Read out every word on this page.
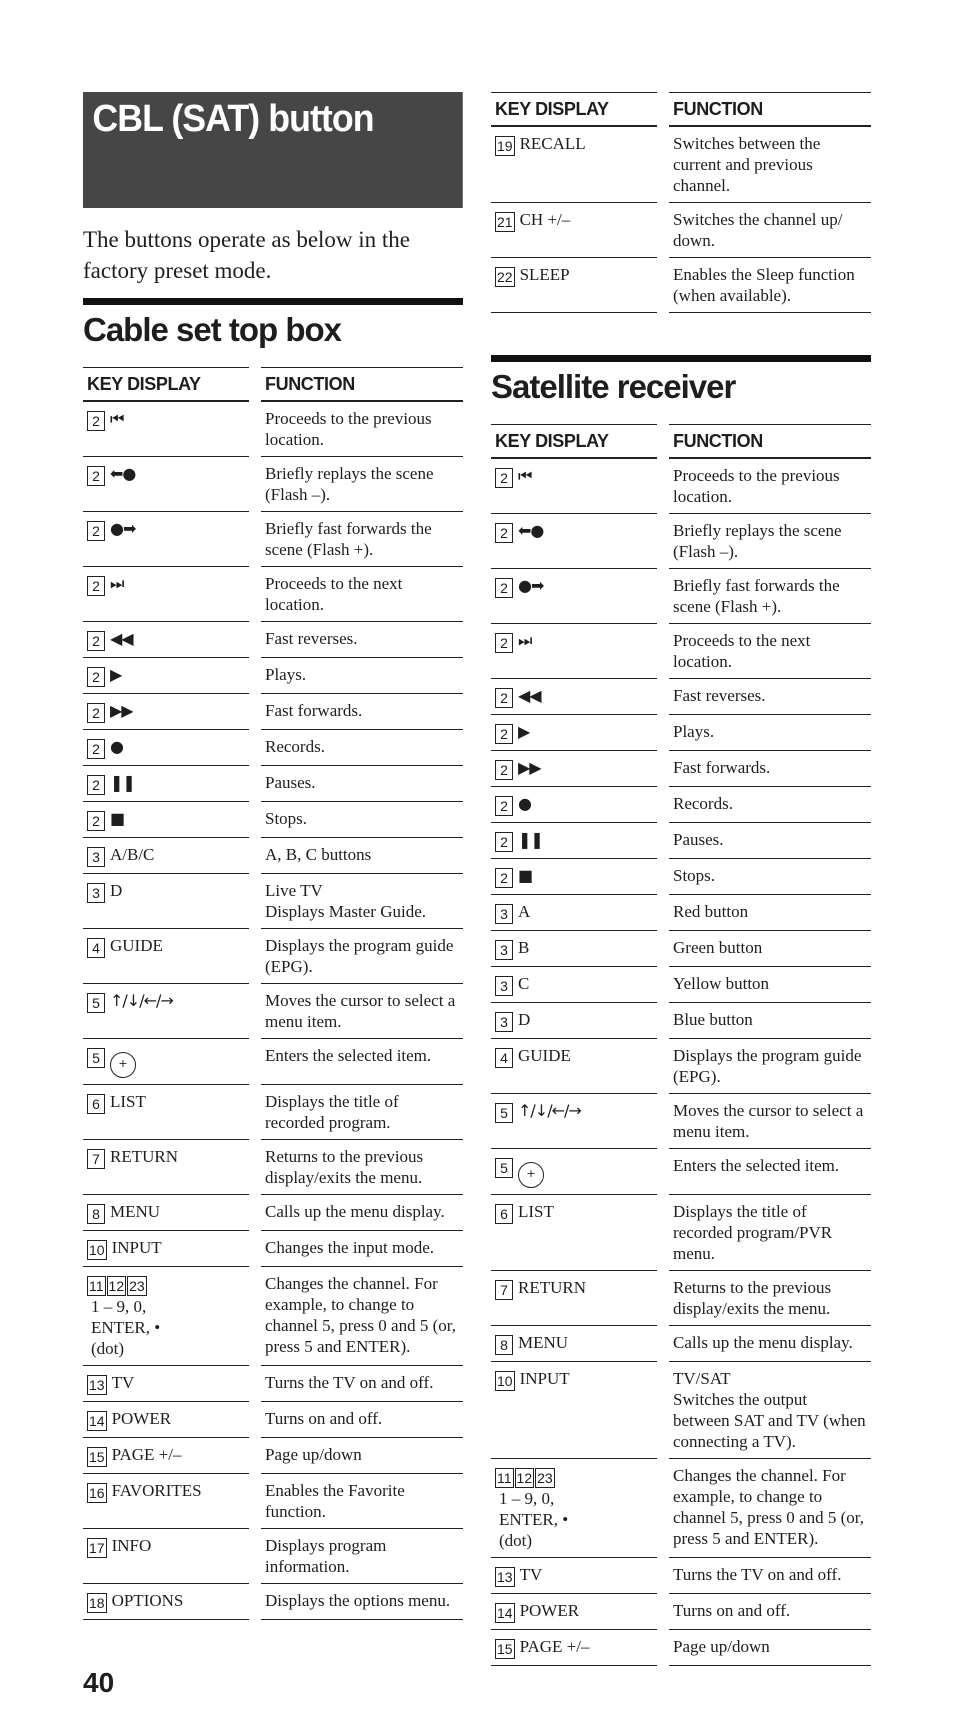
CBL (SAT) button
The buttons operate as below in the factory preset mode.
Cable set top box
KEY DISPLAY		FUNCTION
2 ⏮		Proceeds to the previous location.
2 ⬅●		Briefly replays the scene (Flash –).
2 ●➡		Briefly fast forwards the scene (Flash +).
2 ⏭		Proceeds to the next location.
2 ◀◀		Fast reverses.
2 ▶		Plays.
2 ▶▶		Fast forwards.
2 ●		Records.
2 ❚❚		Pauses.
2 ■		Stops.
3 A/B/C		A, B, C buttons
3 D		Live TV
Displays Master Guide.
4 GUIDE		Displays the program guide (EPG).
5 ↑/↓/←/→		Moves the cursor to select a menu item.
5 +		Enters the selected item.
6 LIST		Displays the title of recorded program.
7 RETURN		Returns to the previous display/exits the menu.
8 MENU		Calls up the menu display.
10 INPUT		Changes the input mode.
11 12 231 – 9, 0, ENTER, • (dot)		Changes the channel. For example, to change to channel 5, press 0 and 5 (or, press 5 and ENTER).
13 TV		Turns the TV on and off.
14 POWER		Turns on and off.
15 PAGE +/–		Page up/down
16 FAVORITES		Enables the Favorite function.
17 INFO		Displays program information.
18 OPTIONS		Displays the options menu.
KEY DISPLAY		FUNCTION
19 RECALL		Switches between the current and previous channel.
21 CH +/–		Switches the channel up/ down.
22 SLEEP		Enables the Sleep function (when available).
Satellite receiver
KEY DISPLAY		FUNCTION
2 ⏮		Proceeds to the previous location.
2 ⬅●		Briefly replays the scene (Flash –).
2 ●➡		Briefly fast forwards the scene (Flash +).
2 ⏭		Proceeds to the next location.
2 ◀◀		Fast reverses.
2 ▶		Plays.
2 ▶▶		Fast forwards.
2 ●		Records.
2 ❚❚		Pauses.
2 ■		Stops.
3 A		Red button
3 B		Green button
3 C		Yellow button
3 D		Blue button
4 GUIDE		Displays the program guide (EPG).
5 ↑/↓/←/→		Moves the cursor to select a menu item.
5 +		Enters the selected item.
6 LIST		Displays the title of recorded program/PVR menu.
7 RETURN		Returns to the previous display/exits the menu.
8 MENU		Calls up the menu display.
10 INPUT		TV/SAT
Switches the output between SAT and TV (when connecting a TV).
11 12 231 – 9, 0, ENTER, • (dot)		Changes the channel. For example, to change to channel 5, press 0 and 5 (or, press 5 and ENTER).
13 TV		Turns the TV on and off.
14 POWER		Turns on and off.
15 PAGE +/–		Page up/down
40
